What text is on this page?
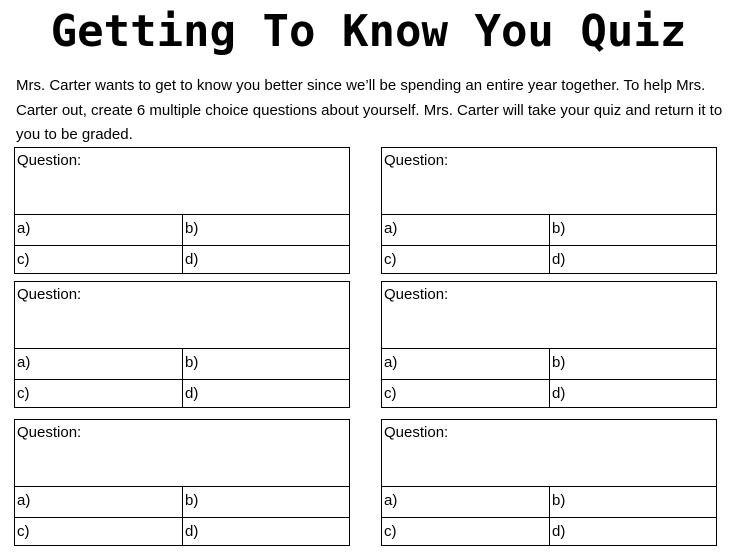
Getting To Know You Quiz
Mrs. Carter wants to get to know you better since we’ll be spending an entire year together. To help Mrs. Carter out, create 6 multiple choice questions about yourself. Mrs. Carter will take your quiz and return it to you to be graded.
Question:
a)	b)
c)	d)
Question:
a)	b)
c)	d)
Question:
a)	b)
c)	d)
Question:
a)	b)
c)	d)
Question:
a)	b)
c)	d)
Question:
a)	b)
c)	d)
